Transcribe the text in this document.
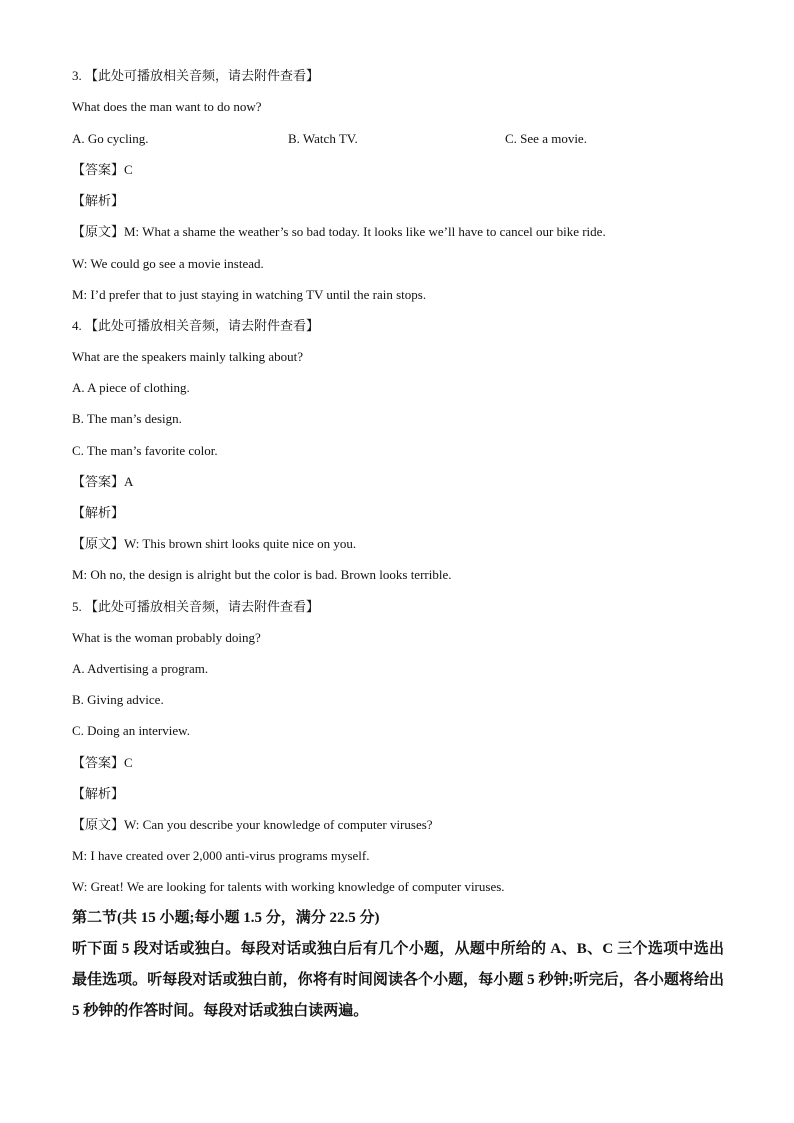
3. 【此处可播放相关音频，请去附件查看】
What does the man want to do now?
A. Go cycling.	B. Watch TV.	C. See a movie.
【答案】C
【解析】
【原文】M: What a shame the weather’s so bad today. It looks like we’ll have to cancel our bike ride.
W: We could go see a movie instead.
M: I’d prefer that to just staying in watching TV until the rain stops.
4. 【此处可播放相关音频，请去附件查看】
What are the speakers mainly talking about?
A. A piece of clothing.
B. The man’s design.
C. The man’s favorite color.
【答案】A
【解析】
【原文】W: This brown shirt looks quite nice on you.
M: Oh no, the design is alright but the color is bad. Brown looks terrible.
5. 【此处可播放相关音频，请去附件查看】
What is the woman probably doing?
A. Advertising a program.
B. Giving advice.
C. Doing an interview.
【答案】C
【解析】
【原文】W: Can you describe your knowledge of computer viruses?
M: I have created over 2,000 anti-virus programs myself.
W: Great! We are looking for talents with working knowledge of computer viruses.
第二节(共 15 小题;每小题 1.5 分，满分 22.5 分)
听下面 5 段对话或独白。每段对话或独白后有几个小题，从题中所给的 A、B、C 三个选项中选出最佳选项。听每段对话或独白前，你将有时间阅读各个小题，每小题 5 秒钟;听完后，各小题将给出 5 秒钟的作答时间。每段对话或独白读两遍。
